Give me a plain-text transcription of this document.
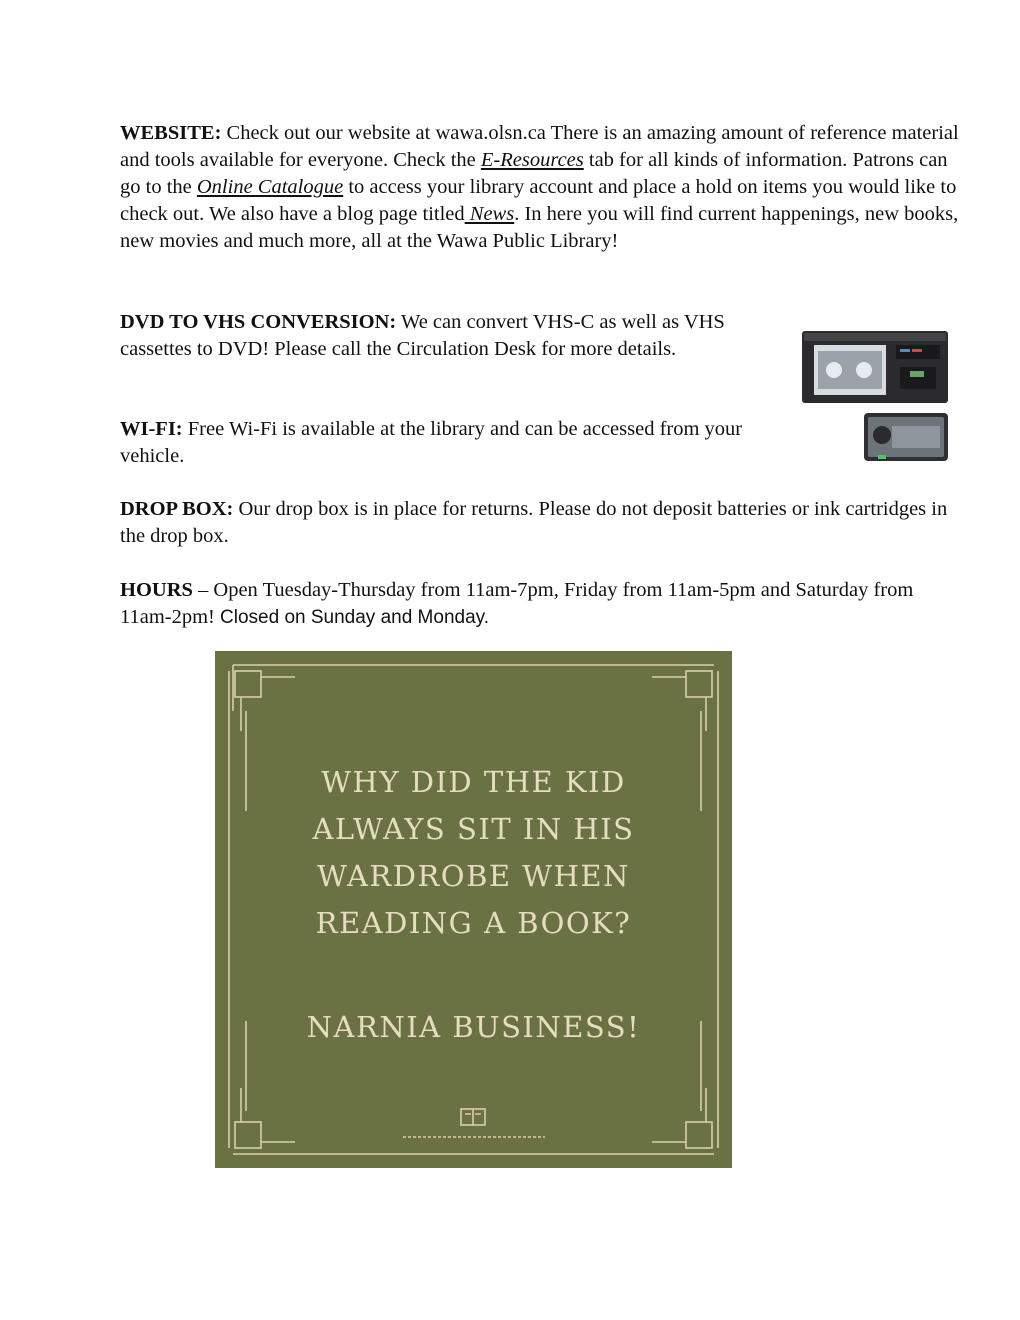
WEBSITE: Check out our website at wawa.olsn.ca There is an amazing amount of reference material and tools available for everyone. Check the E-Resources tab for all kinds of information. Patrons can go to the Online Catalogue to access your library account and place a hold on items you would like to check out. We also have a blog page titled News. In here you will find current happenings, new books, new movies and much more, all at the Wawa Public Library!

DVD TO VHS CONVERSION: We can convert VHS-C as well as VHS cassettes to DVD! Please call the Circulation Desk for more details.

WI-FI: Free Wi-Fi is available at the library and can be accessed from your vehicle.

DROP BOX: Our drop box is in place for returns. Please do not deposit batteries or ink cartridges in the drop box.

HOURS – Open Tuesday-Thursday from 11am-7pm, Friday from 11am-5pm and Saturday from 11am-2pm! Closed on Sunday and Monday.

WHY DID THE KID
ALWAYS SIT IN HIS
WARDROBE WHEN
READING A BOOK?
NARNIA BUSINESS!
